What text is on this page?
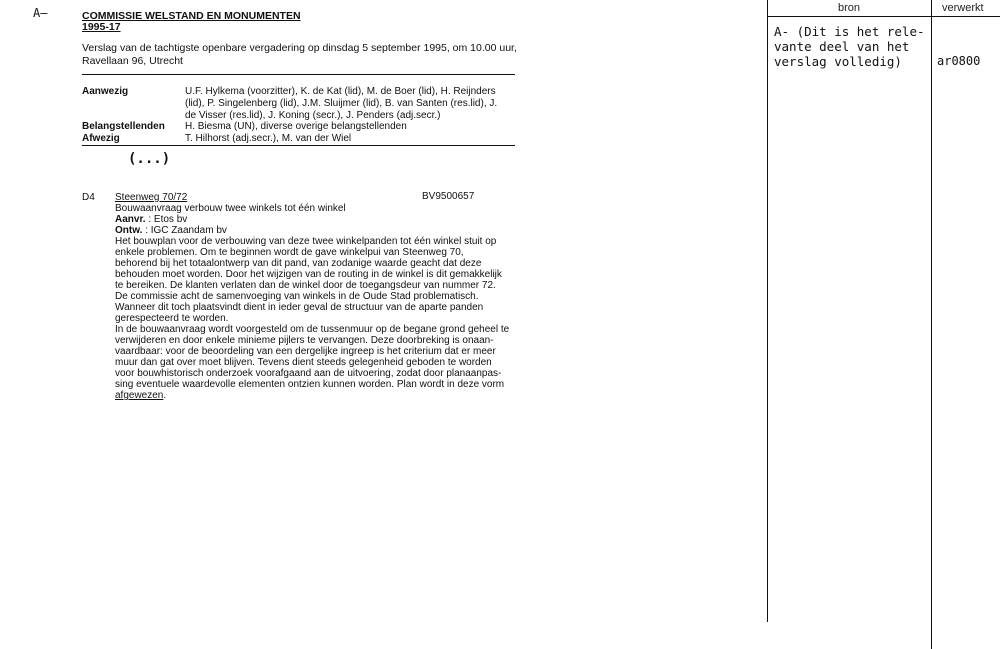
A–	COMMISSIE WELSTAND EN MONUMENTEN
1995-17
Verslag van de tachtigste openbare vergadering op dinsdag 5 september 1995, om 10.00 uur,
Ravellaan 96, Utrecht
Aanwezig	U.F. Hylkema (voorzitter), K. de Kat (lid), M. de Boer (lid), H. Reijnders
(lid), P. Singelenberg (lid), J.M. Sluijmer (lid), B. van Santen (res.lid), J.
de Visser (res.lid), J. Koning (secr.), J. Penders (adj.secr.)
Belangstellenden H. Biesma (UN), diverse overige belangstellenden
Afwezig	T. Hilhorst (adj.secr.), M. van der Wiel
(...)
D4 Steenweg 70/72	BV9500657
Bouwaanvraag verbouw twee winkels tot één winkel
Aanvr. : Etos bv
Ontw. : IGC Zaandam bv
Het bouwplan voor de verbouwing van deze twee winkelpanden tot één winkel stuit op
enkele problemen. Om te beginnen wordt de gave winkelpui van Steenweg 70,
behorend bij het totaalontwerp van dit pand, van zodanige waarde geacht dat deze
behouden moet worden. Door het wijzigen van de routing in de winkel is dit gemakkelijk
te bereiken. De klanten verlaten dan de winkel door de toegangsdeur van nummer 72.
De commissie acht de samenvoeging van winkels in de Oude Stad problematisch.
Wanneer dit toch plaatsvindt dient in ieder geval de structuur van de aparte panden
gerespecteerd te worden.
In de bouwaanvraag wordt voorgesteld om de tussenmuur op de begane grond geheel te
verwijderen en door enkele minieme pijlers te vervangen. Deze doorbreking is onaan-
vaardbaar: voor de beoordeling van een dergelijke ingreep is het criterium dat er meer
muur dan gat over moet blijven. Tevens dient steeds gelegenheid geboden te worden
voor bouwhistorisch onderzoek voorafgaand aan de uitvoering, zodat door planaanpas-
sing eventuele waardevolle elementen ontzien kunnen worden. Plan wordt in deze vorm
afgewezen.
bron	verwerkt
A- (Dit is het rele-
vante deel van het
verslag volledig)	ar0800
